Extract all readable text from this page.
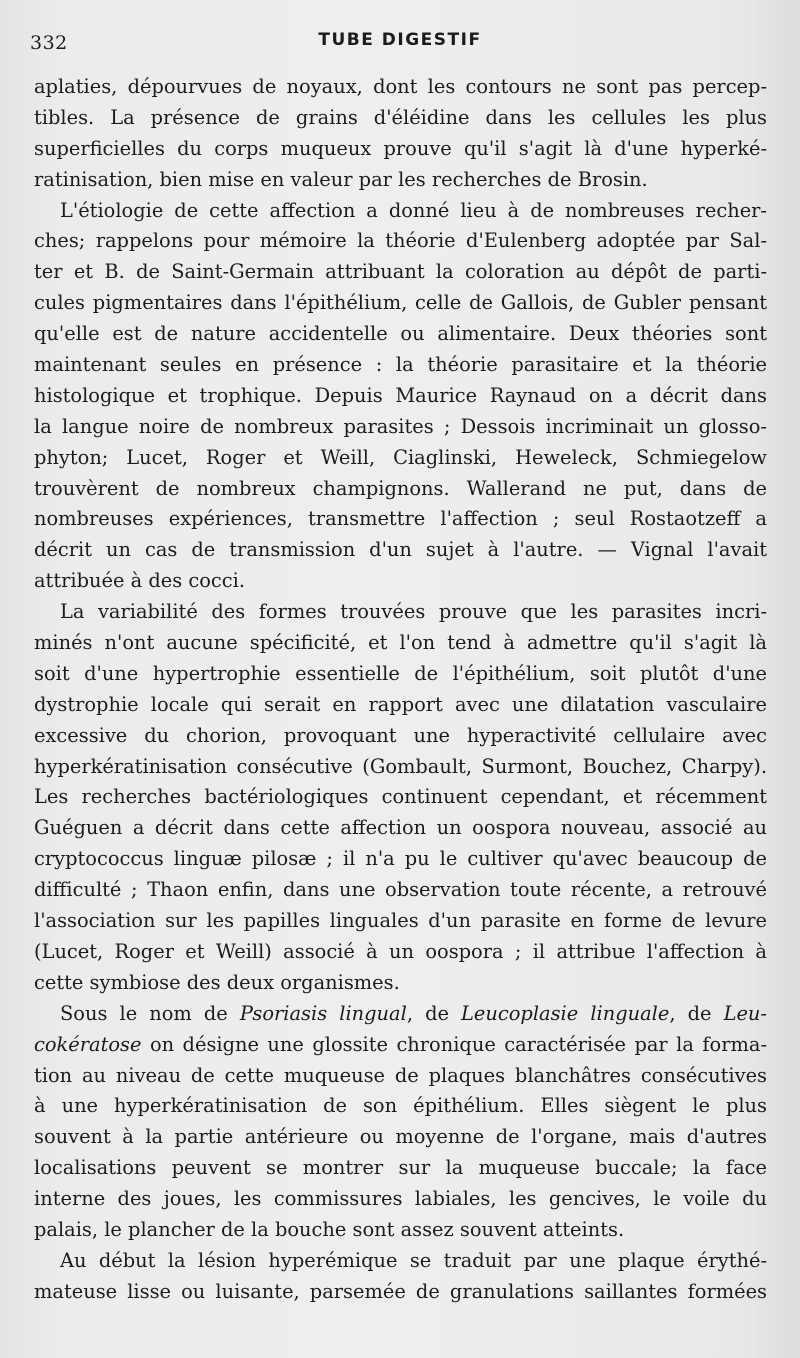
332	TUBE DIGESTIF
aplaties, dépourvues de noyaux, dont les contours ne sont pas percep-
tibles. La présence de grains d'éléidine dans les cellules les plus
superficielles du corps muqueux prouve qu'il s'agit là d'une hyperké-
ratinisation, bien mise en valeur par les recherches de Brosin.
L'étiologie de cette affection a donné lieu à de nombreuses recher-
ches; rappelons pour mémoire la théorie d'Eulenberg adoptée par Sal-
ter et B. de Saint-Germain attribuant la coloration au dépôt de parti-
cules pigmentaires dans l'épithélium, celle de Gallois, de Gubler pensant
qu'elle est de nature accidentelle ou alimentaire. Deux théories sont
maintenant seules en présence : la théorie parasitaire et la théorie
histologique et trophique. Depuis Maurice Raynaud on a décrit dans
la langue noire de nombreux parasites ; Dessois incriminait un glosso-
phyton; Lucet, Roger et Weill, Ciaglinski, Heweleck, Schmiegelow
trouvèrent de nombreux champignons. Wallerand ne put, dans de
nombreuses expériences, transmettre l'affection ; seul Rostaotzeff a
décrit un cas de transmission d'un sujet à l'autre. — Vignal l'avait
attribuée à des cocci.
La variabilité des formes trouvées prouve que les parasites incri-
minés n'ont aucune spécificité, et l'on tend à admettre qu'il s'agit là
soit d'une hypertrophie essentielle de l'épithélium, soit plutôt d'une
dystrophie locale qui serait en rapport avec une dilatation vasculaire
excessive du chorion, provoquant une hyperactivité cellulaire avec
hyperkératinisation consécutive (Gombault, Surmont, Bouchez, Charpy).
Les recherches bactériologiques continuent cependant, et récemment
Guéguen a décrit dans cette affection un oospora nouveau, associé au
cryptococcus linguæ pilosæ ; il n'a pu le cultiver qu'avec beaucoup de
difficulté ; Thaon enfin, dans une observation toute récente, a retrouvé
l'association sur les papilles linguales d'un parasite en forme de levure
(Lucet, Roger et Weill) associé à un oospora ; il attribue l'affection à
cette symbiose des deux organismes.
Sous le nom de Psoriasis lingual, de Leucoplasie linguale, de Leu-
cokératose on désigne une glossite chronique caractérisée par la forma-
tion au niveau de cette muqueuse de plaques blanchâtres consécutives
à une hyperkératinisation de son épithélium. Elles siègent le plus
souvent à la partie antérieure ou moyenne de l'organe, mais d'autres
localisations peuvent se montrer sur la muqueuse buccale; la face
interne des joues, les commissures labiales, les gencives, le voile du
palais, le plancher de la bouche sont assez souvent atteints.
Au début la lésion hyperémique se traduit par une plaque érythé-
mateuse lisse ou luisante, parsemée de granulations saillantes formées
